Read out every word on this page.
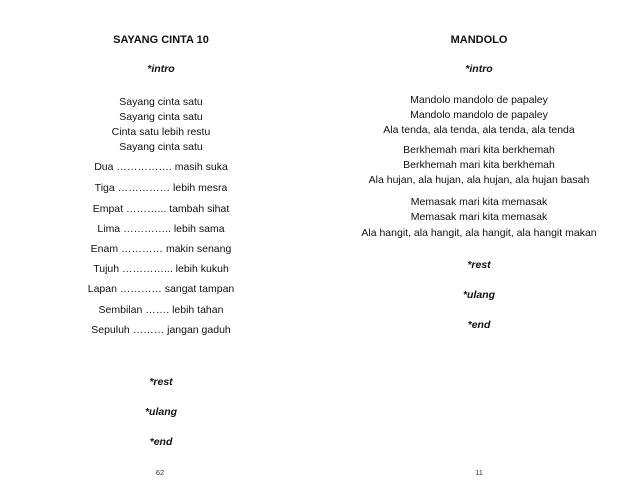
SAYANG CINTA 10
*intro
Sayang cinta satu
Sayang cinta satu
Cinta satu lebih restu
Sayang cinta satu
Dua ……………. masih suka
Tiga …………… lebih mesra
Empat ………... tambah sihat
Lima ………….. lebih sama
Enam ………… makin senang
Tujuh …………... lebih kukuh
Lapan ………… sangat tampan
Sembilan ……. lebih tahan
Sepuluh ……… jangan gaduh
*rest
*ulang
*end
62
MANDOLO
*intro
Mandolo mandolo de papaley
Mandolo mandolo de papaley
Ala tenda, ala tenda, ala tenda, ala tenda
Berkhemah mari kita berkhemah
Berkhemah mari kita berkhemah
Ala hujan, ala hujan, ala hujan, ala hujan basah
Memasak mari kita memasak
Memasak mari kita memasak
Ala hangit, ala hangit, ala hangit, ala hangit makan
*rest
*ulang
*end
11
